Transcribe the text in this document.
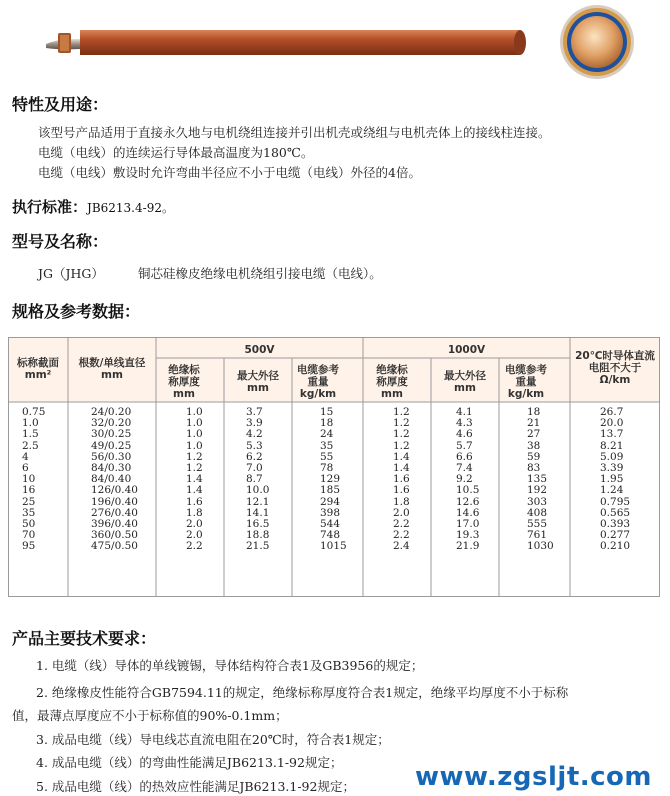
特性及用途：
该型号产品适用于直接永久地与电机绕组连接并引出机壳或绕组与电机壳体上的接线柱连接。
电缆（电线）的连续运行导体最高温度为180℃。
电缆（电线）敷设时允许弯曲半径应不小于电缆（电线）外径的4倍。
执行标准：JB6213.4-92。
型号及名称：
JG（JHG）	铜芯硅橡皮绝缘电机绕组引接电缆（电线）。
规格及参考数据：
标称截面
mm²
根数/单线直径
mm
500V	1000V
绝缘标称厚度
mm
最大外径
mm
电缆参考重量
kg/km
绝缘标称厚度
mm
最大外径
mm
电缆参考重量
kg/km
20℃时导体直流电阻不大于
Ω/km
0.75
1.0
1.5
2.5
4
6
10
16
25
35
50
70
95
24/0.20
32/0.20
30/0.25
49/0.25
56/0.30
84/0.30
84/0.40
126/0.40
196/0.40
276/0.40
396/0.40
360/0.50
475/0.50
1.0
1.0
1.0
1.0
1.2
1.2
1.4
1.4
1.6
1.8
2.0
2.0
2.2
3.7
3.9
4.2
5.3
6.2
7.0
8.7
10.0
12.1
14.1
16.5
18.8
21.5
15
18
24
35
55
78
129
185
294
398
544
748
1015
1.2
1.2
1.2
1.2
1.4
1.4
1.6
1.6
1.8
2.0
2.2
2.2
2.4
4.1
4.3
4.6
5.7
6.6
7.4
9.2
10.5
12.6
14.6
17.0
19.3
21.9
18
21
27
38
59
83
135
192
303
408
555
761
1030
26.7
20.0
13.7
8.21
5.09
3.39
1.95
1.24
0.795
0.565
0.393
0.277
0.210
产品主要技术要求：
1. 电缆（线）导体的单线镀锡，导体结构符合表1及GB3956的规定；
2. 绝缘橡皮性能符合GB7594.11的规定，绝缘标称厚度符合表1规定，绝缘平均厚度不小于标称
值，最薄点厚度应不小于标称值的90%-0.1mm；
3. 成品电缆（线）导电线芯直流电阻在20℃时，符合表1规定；
4. 成品电缆（线）的弯曲性能满足JB6213.1-92规定；
5. 成品电缆（线）的热效应性能满足JB6213.1-92规定； www.zgsljt.com
